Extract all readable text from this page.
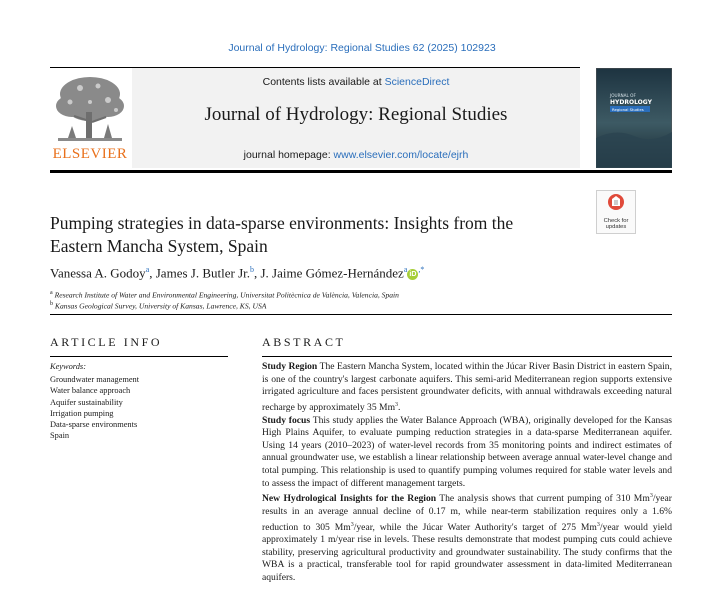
Journal of Hydrology: Regional Studies 62 (2025) 102923
ELSEVIER
Contents lists available at ScienceDirect
Journal of Hydrology: Regional Studies
journal homepage: www.elsevier.com/locate/ejrh
JOURNAL OF
HYDROLOGY
Regional Studies
Check for
updates
Pumping strategies in data-sparse environments: Insights from the
Eastern Mancha System, Spain
Vanessa A. Godoy$^a$, James J. Butler Jr.$^b$, J. Jaime Gómez-Hernández$^a$iD,*
$^a$ Research Institute of Water and Environmental Engineering, Universitat Politècnica de València, Valencia, Spain
$^b$ Kansas Geological Survey, University of Kansas, Lawrence, KS, USA
ARTICLE INFO
Keywords:
Groundwater management
Water balance approach
Aquifer sustainability
Irrigation pumping
Data-sparse environments
Spain
ABSTRACT

Study Region The Eastern Mancha System, located within the Júcar River Basin District in eastern Spain, is one of the country's largest carbonate aquifers. This semi-arid Mediterranean region supports extensive irrigated agriculture and faces persistent groundwater deficits, with annual withdrawals exceeding natural recharge by approximately 35 Mm$^3$.

Study focus This study applies the Water Balance Approach (WBA), originally developed for the Kansas High Plains Aquifer, to evaluate pumping reduction strategies in a data-sparse Mediterranean aquifer. Using 14 years (2010–2023) of water-level records from 35 monitoring points and indirect estimates of annual groundwater use, we establish a linear relationship between average annual water-level change and total pumping. This relationship is used to quantify pumping volumes required for stable water levels and to assess the impact of different management targets.

New Hydrological Insights for the Region The analysis shows that current pumping of 310 Mm$^3$/year results in an average annual decline of 0.17 m, while near-term stabilization requires only a 1.6% reduction to 305 Mm$^3$/year, while the Júcar Water Authority's target of 275 Mm$^3$/year would yield approximately 1 m/year rise in levels. These results demonstrate that modest pumping cuts could achieve stability, preserving agricultural productivity and groundwater sustainability. The study confirms that the WBA is a practical, transferable tool for rapid groundwater assessment in data-limited Mediterranean aquifers.
